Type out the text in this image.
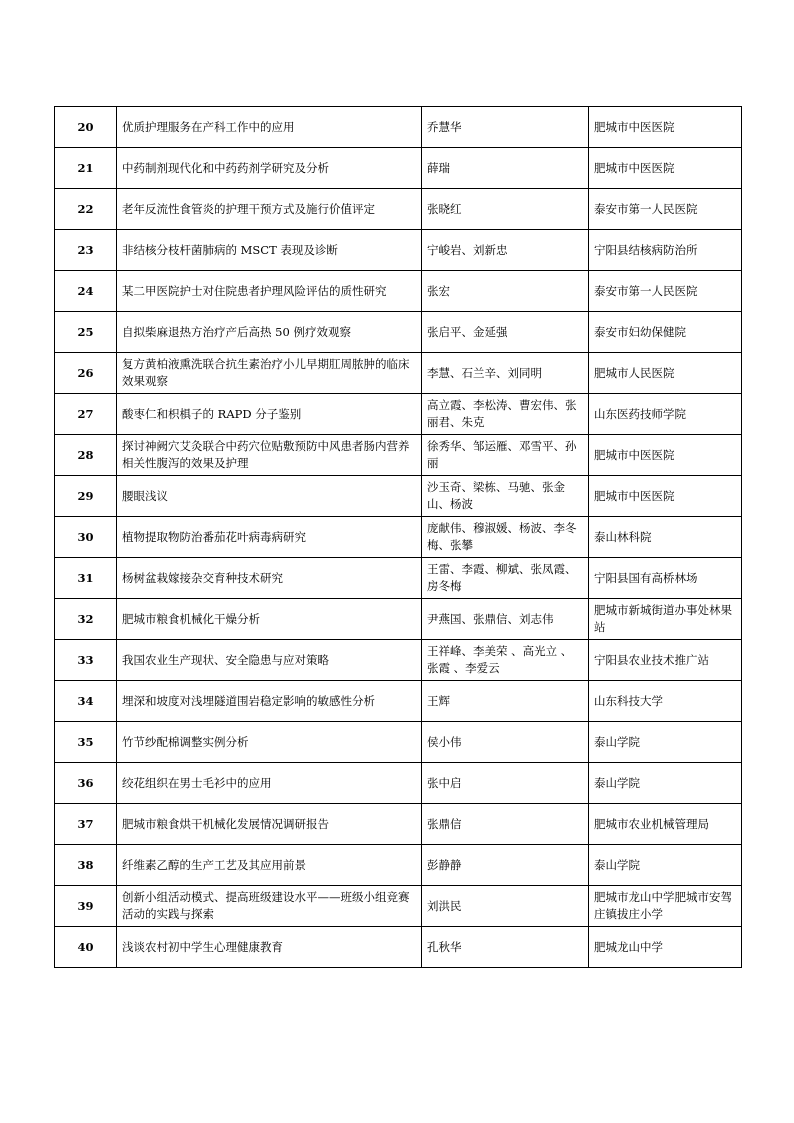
20	优质护理服务在产科工作中的应用	乔慧华	肥城市中医医院
21	中药制剂现代化和中药药剂学研究及分析	薛瑞	肥城市中医医院
22	老年反流性食管炎的护理干预方式及施行价值评定	张晓红	泰安市第一人民医院
23	非结核分枝杆菌肺病的 MSCT 表现及诊断	宁峻岩、刘新忠	宁阳县结核病防治所
24	某二甲医院护士对住院患者护理风险评估的质性研究	张宏	泰安市第一人民医院
25	自拟柴麻退热方治疗产后高热 50 例疗效观察	张启平、金延强	泰安市妇幼保健院
26	复方黄柏液熏洗联合抗生素治疗小儿早期肛周脓肿的临床效果观察	李慧、石兰辛、刘同明	肥城市人民医院
27	酸枣仁和枳椇子的 RAPD 分子鉴别	高立霞、李松涛、曹宏伟、张丽君、朱克	山东医药技师学院
28	探讨神阙穴艾灸联合中药穴位贴敷预防中风患者肠内营养相关性腹泻的效果及护理	徐秀华、邹运雁、邓雪平、孙丽	肥城市中医医院
29	腰眼浅议	沙玉奇、梁栋、马驰、张金山、杨波	肥城市中医医院
30	植物提取物防治番茄花叶病毒病研究	庞献伟、穆淑媛、杨波、李冬梅、张攀	泰山林科院
31	杨树盆栽嫁接杂交育种技术研究	王雷、李霞、柳斌、张凤霞、房冬梅	宁阳县国有高桥林场
32	肥城市粮食机械化干燥分析	尹燕国、张鼎信、刘志伟	肥城市新城街道办事处林果站
33	我国农业生产现状、安全隐患与应对策略	王祥峰、李美荣 、高光立 、张霞 、李爱云	宁阳县农业技术推广站
34	埋深和坡度对浅埋隧道围岩稳定影响的敏感性分析	王辉	山东科技大学
35	竹节纱配棉调整实例分析	侯小伟	泰山学院
36	绞花组织在男士毛衫中的应用	张中启	泰山学院
37	肥城市粮食烘干机械化发展情况调研报告	张鼎信	肥城市农业机械管理局
38	纤维素乙醇的生产工艺及其应用前景	彭静静	泰山学院
39	创新小组活动模式、提高班级建设水平——班级小组竞赛活动的实践与探索	刘洪民	肥城市龙山中学肥城市安驾庄镇拔庄小学
40	浅谈农村初中学生心理健康教育	孔秋华	肥城龙山中学
